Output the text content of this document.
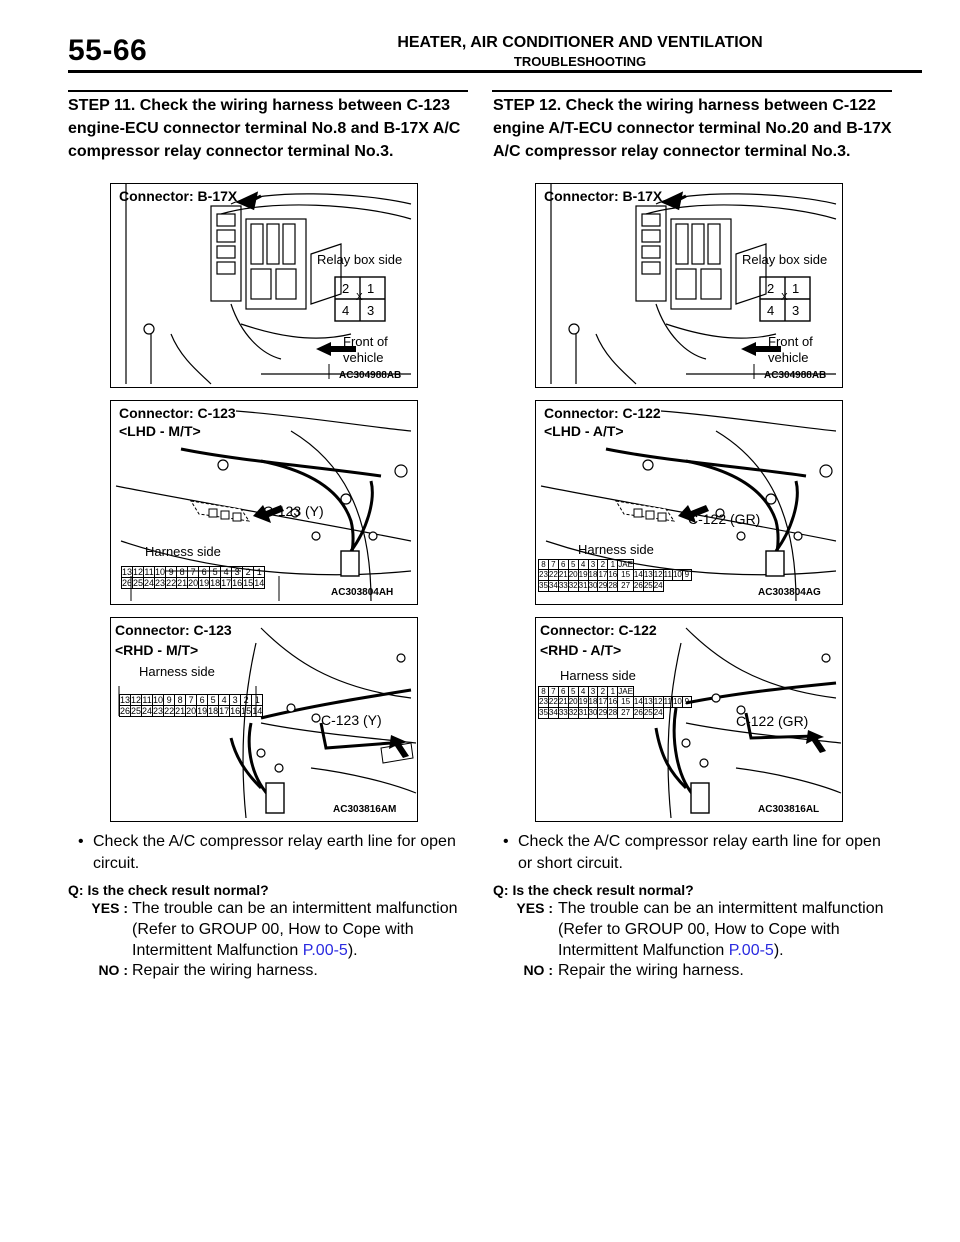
55-66	HEATER, AIR CONDITIONER AND VENTILATION
TROUBLESHOOTING
STEP 11. Check the wiring harness between C-123 engine-ECU connector terminal No.8 and B-17X A/C compressor relay connector terminal No.3.
Connector: B-17X
Relay box side
2 1
X
4 3
Front of
vehicle
AC304988AB
Connector: C-123
<LHD - M/T>
C-123 (Y)
Harness side
13	12	11	10	9	8	7	6	5	4	3	2	1
26	25	24	23	22	21	20	19	18	17	16	15	14
AC303804AH
Connector: C-123
<RHD - M/T>
Harness side
13	12	11	10	9	8	7	6	5	4	3	2	1
26	25	24	23	22	21	20	19	18	17	16	15	14
C-123 (Y)
AC303816AM
• Check the A/C compressor relay earth line for open circuit.
Q: Is the check result normal?
YES : The trouble can be an intermittent malfunction (Refer to GROUP 00, How to Cope with Intermittent Malfunction P.00-5).
NO : Repair the wiring harness.
STEP 12. Check the wiring harness between C-122 engine A/T-ECU connector terminal No.20 and B-17X A/C compressor relay connector terminal No.3.
Connector: B-17X
Relay box side
2 1
X
4 3
Front of
vehicle
AC304988AB
Connector: C-122
<LHD - A/T>
C-122 (GR)
Harness side
8	7	6	5	4	3	2	1	JAE						
23	22	21	20	19	18	17	16	15	14	13	12	11	10	9
35	34	33	32	31	30	29	28	27	26	25	24			
AC303804AG
Connector: C-122
<RHD - A/T>
Harness side
8	7	6	5	4	3	2	1	JAE						
23	22	21	20	19	18	17	16	15	14	13	12	11	10	9
35	34	33	32	31	30	29	28	27	26	25	24			
C-122 (GR)
AC303816AL
• Check the A/C compressor relay earth line for open or short circuit.
Q: Is the check result normal?
YES : The trouble can be an intermittent malfunction (Refer to GROUP 00, How to Cope with Intermittent Malfunction P.00-5).
NO : Repair the wiring harness.
